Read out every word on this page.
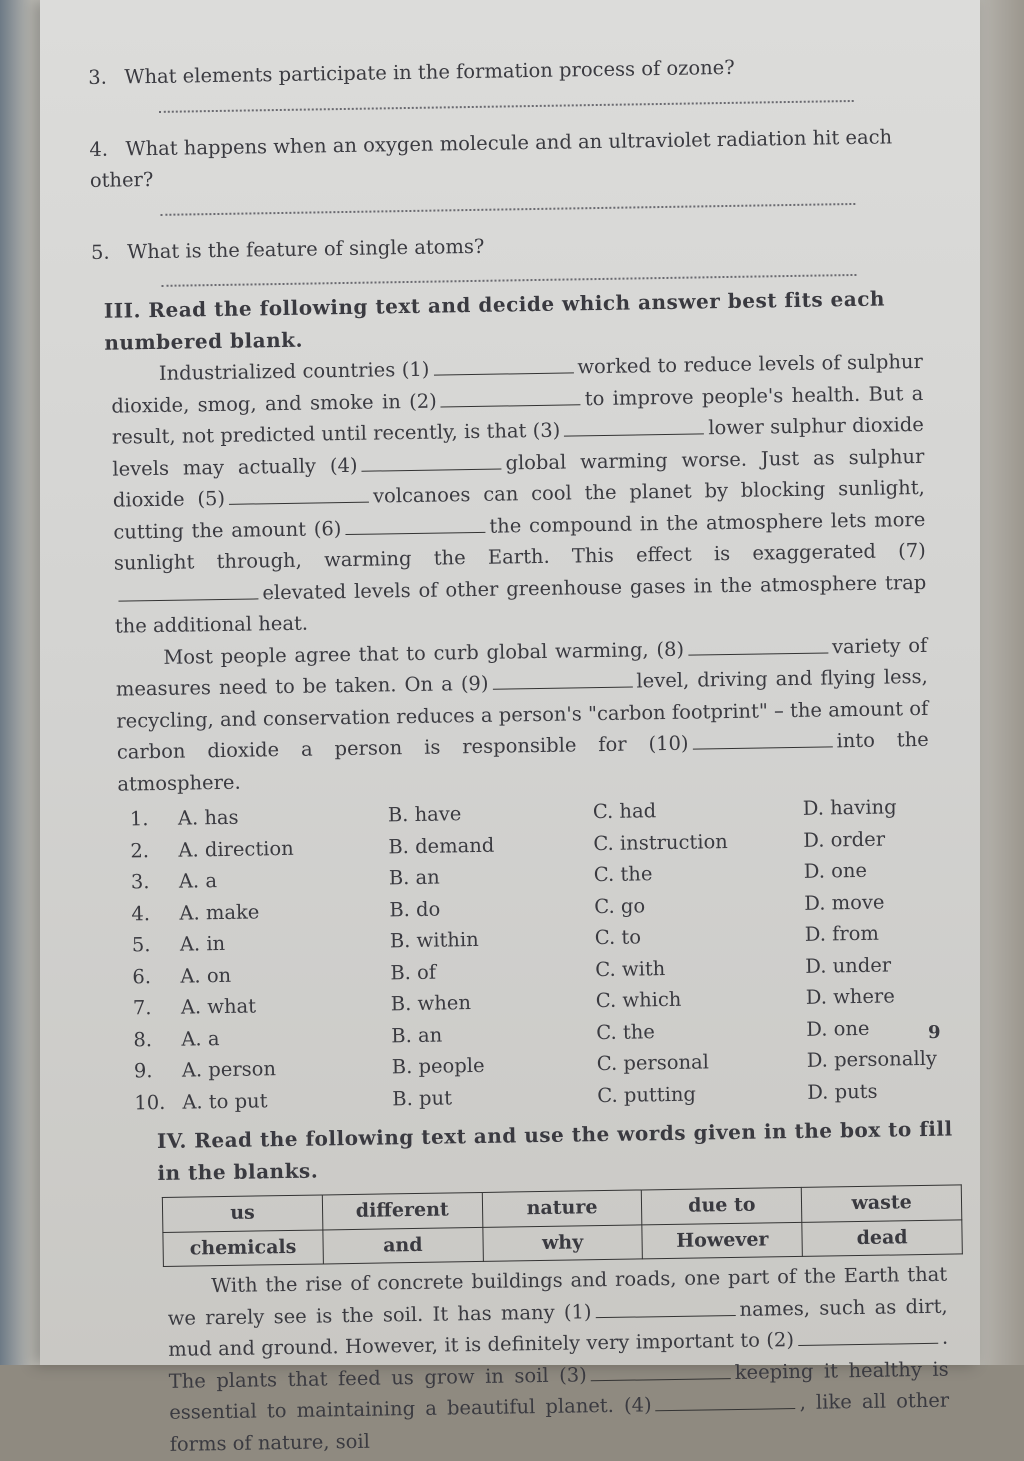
3. What elements participate in the formation process of ozone?

4. What happens when an oxygen molecule and an ultraviolet radiation hit each other?

5. What is the feature of single atoms?

III. Read the following text and decide which answer best fits each numbered blank.

Industrialized countries (1)	worked to reduce levels of sulphur dioxide, smog, and smoke in (2)	to improve people's health. But a result, not predicted until recently, is that (3)	lower sulphur dioxide levels may actually (4)	global warming worse. Just as sulphur dioxide (5)	volcanoes can cool the planet by blocking sunlight, cutting the amount (6)	the compound in the atmosphere lets more sunlight through, warming the Earth. This effect is exaggerated (7)elevated levels of other greenhouse gases in the atmosphere trap the additional heat.

Most people agree that to curb global warming, (8)	variety of measures need to be taken. On a (9)	level, driving and flying less, recycling, and conservation reduces a person's "carbon footprint" – the amount of carbon dioxide a person is responsible for (10)	into the atmosphere.

1.	A. has	B. have	C. had	D. having
2.	A. direction	B. demand	C. instruction	D. order
3.	A. a	B. an	C. the	D. one
4.	A. make	B. do	C. go	D. move
5.	A. in	B. within	C. to	D. from
6.	A. on	B. of	C. with	D. under
7.	A. what	B. when	C. which	D. where
8.	A. a	B. an	C. the	D. one
9.	A. person	B. people	C. personal	D. personally
10. A. to put	B. put	C. putting	D. puts
IV. Read the following text and use the words given in the box to fill in the blanks.
us	different	nature	due to	waste
chemicals	and	why	However	dead

With the rise of concrete buildings and roads, one part of the Earth that we rarely see is the soil. It has many (1)	names, such as dirt, mud and ground. However, it is definitely very important to (2)	. The plants that feed us grow in soil (3)	keeping it healthy is essential to maintaining a beautiful planet. (4)	, like all other forms of nature, soil

9
